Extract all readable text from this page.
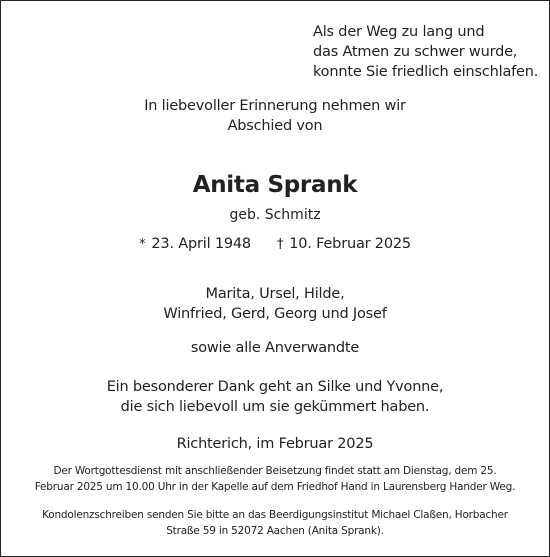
Als der Weg zu lang und
das Atmen zu schwer wurde,
konnte Sie friedlich einschlafen.
In liebevoller Erinnerung nehmen wir
Abschied von
Anita Sprank
geb. Schmitz
* 23. April 1948 † 10. Februar 2025
Marita, Ursel, Hilde,
Winfried, Gerd, Georg und Josef
sowie alle Anverwandte
Ein besonderer Dank geht an Silke und Yvonne,
die sich liebevoll um sie gekümmert haben.
Richterich, im Februar 2025
Der Wortgottesdienst mit anschließender Beisetzung findet statt am Dienstag, dem 25.
Februar 2025 um 10.00 Uhr in der Kapelle auf dem Friedhof Hand in Laurensberg Hander Weg.
Kondolenzschreiben senden Sie bitte an das Beerdigungsinstitut Michael Claßen, Horbacher
Straße 59 in 52072 Aachen (Anita Sprank).
